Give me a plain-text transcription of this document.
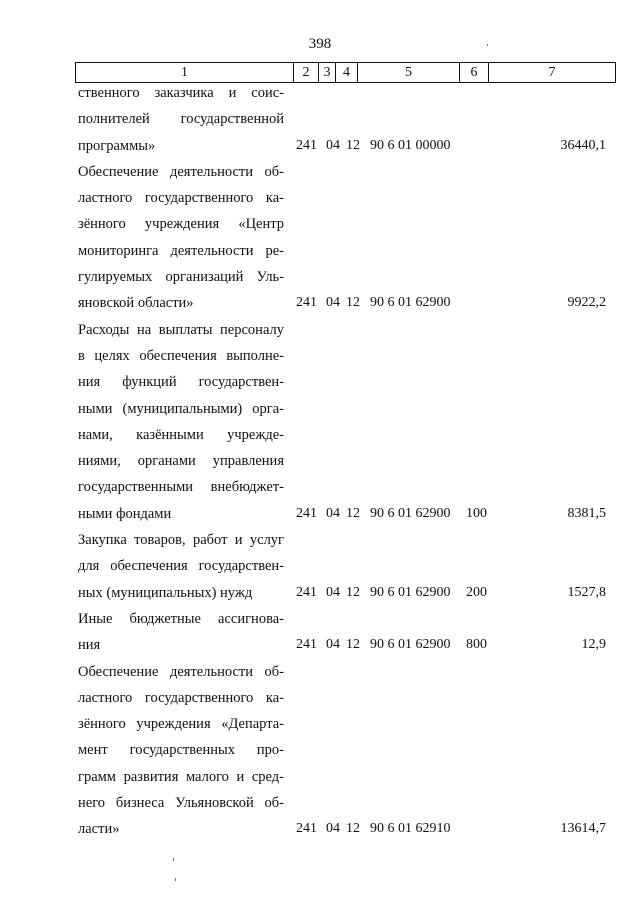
398
1	2	3	4	5	6	7
ственного заказчика и соис-
полнителей государственной
программы»	241 04 12 90 6 01 00000	36440,1
Обеспечение деятельности об-
ластного государственного ка-
зённого учреждения «Центр
мониторинга деятельности ре-
гулируемых организаций Уль-
яновской области»	241 04 12 90 6 01 62900	9922,2
Расходы на выплаты персоналу
в целях обеспечения выполне-
ния функций государствен-
ными (муниципальными) орга-
нами, казёнными учрежде-
ниями, органами управления
государственными внебюджет-
ными фондами	241 04 12 90 6 01 62900 100	8381,5
Закупка товаров, работ и услуг
для обеспечения государствен-
ных (муниципальных) нужд	241 04 12 90 6 01 62900 200	1527,8
Иные бюджетные ассигнова-
ния	241 04 12 90 6 01 62900 800	12,9
Обеспечение деятельности об-
ластного государственного ка-
зённого учреждения «Департа-
мент государственных про-
грамм развития малого и сред-
него бизнеса Ульяновской об-
ласти»	241 04 12 90 6 01 62910	13614,7
